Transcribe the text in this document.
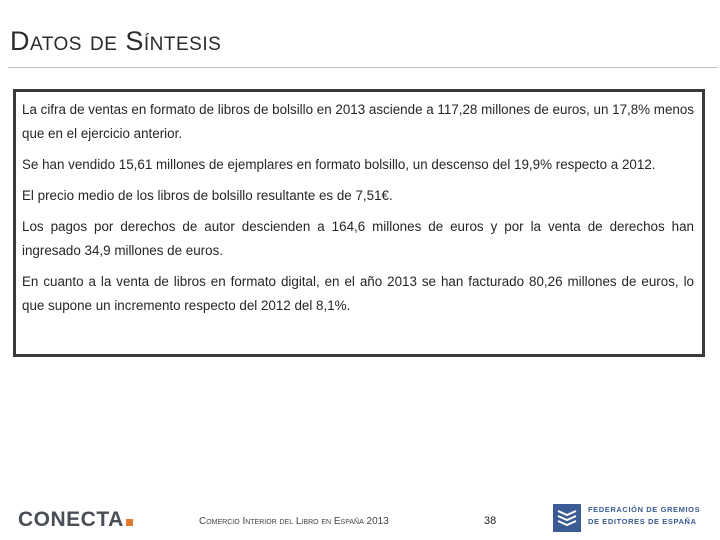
Datos de Síntesis

La cifra de ventas en formato de libros de bolsillo en 2013 asciende a 117,28 millones de euros, un 17,8% menos que en el ejercicio anterior.

Se han vendido 15,61 millones de ejemplares en formato bolsillo, un descenso del 19,9% respecto a 2012.

El precio medio de los libros de bolsillo resultante es de 7,51€.

Los pagos por derechos de autor descienden a 164,6 millones de euros y por la venta de derechos han ingresado 34,9 millones de euros.

En cuanto a la venta de libros en formato digital, en el año 2013 se han facturado 80,26 millones de euros, lo que supone un incremento respecto del 2012 del 8,1%.

CONECTA	Comercio Interior del Libro en España 2013	38
FEDERACIÓN DE GREMIOS
DE EDITORES DE ESPAÑA
